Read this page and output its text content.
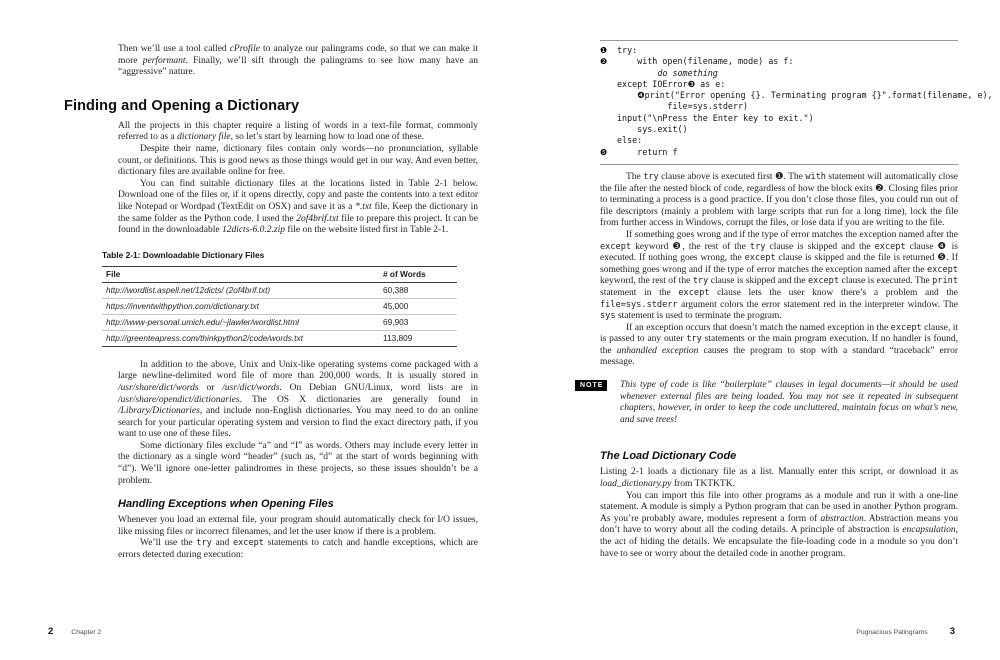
Then we’ll use a tool called cProfile to analyze our palingrams code, so that we can make it more performant. Finally, we’ll sift through the palingrams to see how many have an “aggressive” nature.

Finding and Opening a Dictionary

All the projects in this chapter require a listing of words in a text-file format, commonly referred to as a dictionary file, so let’s start by learning how to load one of these.

Despite their name, dictionary files contain only words—no pronunciation, syllable count, or definitions. This is good news as those things would get in our way. And even better, dictionary files are available online for free.

You can find suitable dictionary files at the locations listed in Table 2-1 below. Download one of the files or, if it opens directly, copy and paste the contents into a text editor like Notepad or Wordpad (TextEdit on OSX) and save it as a *.txt file. Keep the dictionary in the same folder as the Python code. I used the 2of4brif.txt file to prepare this project. It can be found in the downloadable 12dicts-6.0.2.zip file on the website listed first in Table 2-1.

Table 2-1: Downloadable Dictionary Files
File	# of Words
http://wordlist.aspell.net/12dicts/ (2of4brif.txt)	60,388
https://inventwithpython.com/dictionary.txt	45,000
http://www-personal.umich.edu/~jlawler/wordlist.html	69,903
http://greenteapress.com/thinkpython2/code/words.txt	113,809

In addition to the above, Unix and Unix-like operating systems come packaged with a large newline-delimited word file of more than 200,000 words. It is usually stored in /usr/share/dict/words or /usr/dict/words. On Debian GNU/Linux, word lists are in /usr/share/opendict/dictionaries. The OS X dictionaries are generally found in /Library/Dictionaries, and include non-English dictionaries. You may need to do an online search for your particular operating system and version to find the exact directory path, if you want to use one of these files.

Some dictionary files exclude “a” and “I” as words. Others may include every letter in the dictionary as a single word “header” (such as, “d” at the start of words beginning with “d”). We’ll ignore one-letter palindromes in these projects, so these issues shouldn’t be a problem.

Handling Exceptions when Opening Files

Whenever you load an external file, your program should automatically check for I/O issues, like missing files or incorrect filenames, and let the user know if there is a problem.

We’ll use the try and except statements to catch and handle exceptions, which are errors detected during execution:

2	Chapter 2
❶	try:
❷	with open(filename, mode) as f:
do something
except IOError❸ as e:
❹print("Error opening {}. Terminating program {}".format(filename, e),
file=sys.stderr)
input("\nPress the Enter key to exit.")
sys.exit()
else:
❺	return f

The try clause above is executed first ❶. The with statement will automatically close the file after the nested block of code, regardless of how the block exits ❷. Closing files prior to terminating a process is a good practice. If you don’t close those files, you could run out of file descriptors (mainly a problem with large scripts that run for a long time), lock the file from further access in Windows, corrupt the files, or lose data if you are writing to the file.

If something goes wrong and if the type of error matches the exception named after the except keyword ❸, the rest of the try clause is skipped and the except clause ❹ is executed. If nothing goes wrong, the except clause is skipped and the file is returned ❺. If something goes wrong and if the type of error matches the exception named after the except keyword, the rest of the try clause is skipped and the except clause is executed. The print statement in the except clause lets the user know there’s a problem and the file=sys.stderr argument colors the error statement red in the interpreter window. The sys statement is used to terminate the program.

If an exception occurs that doesn’t match the named exception in the except clause, it is passed to any outer try statements or the main program execution. If no handler is found, the unhandled exception causes the program to stop with a standard “traceback” error message.

NOTE	This type of code is like “boilerplate” clauses in legal documents—it should be used whenever external files are being loaded. You may not see it repeated in subsequent chapters, however, in order to keep the code uncluttered, maintain focus on what’s new, and save trees!

The Load Dictionary Code

Listing 2-1 loads a dictionary file as a list. Manually enter this script, or download it as load_dictionary.py from TKTKTK.

You can import this file into other programs as a module and run it with a one-line statement. A module is simply a Python program that can be used in another Python program. As you’re probably aware, modules represent a form of abstraction. Abstraction means you don’t have to worry about all the coding details. A principle of abstraction is encapsulation, the act of hiding the details. We encapsulate the file-loading code in a module so you don’t have to see or worry about the detailed code in another program.

Pugnacious Palingrams 3
